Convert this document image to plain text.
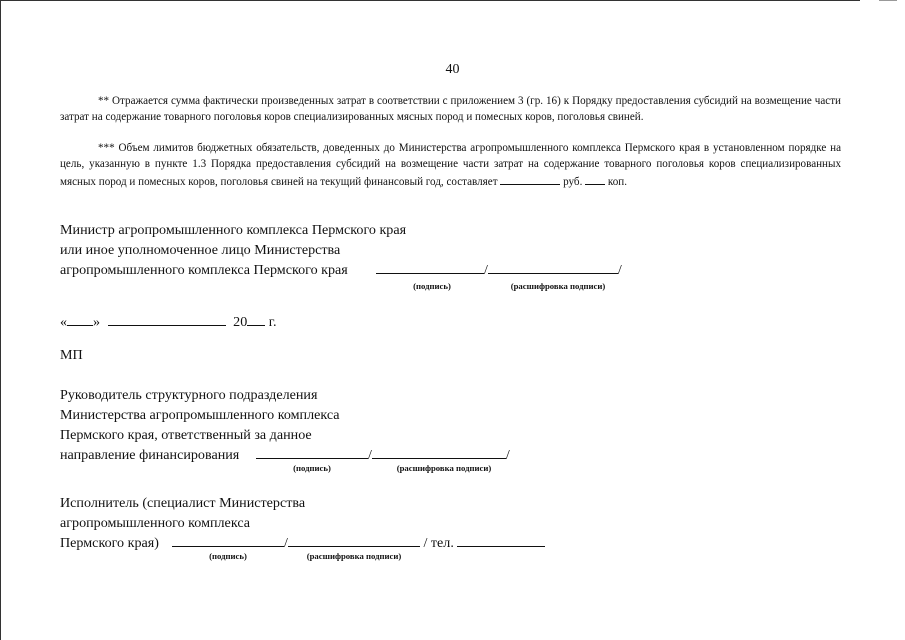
40

** Отражается сумма фактически произведенных затрат в соответствии с приложением 3 (гр. 16) к Порядку предоставления субсидий на возмещение части затрат на содержание товарного поголовья коров специализированных мясных пород и помесных коров, поголовья свиней.

*** Объем лимитов бюджетных обязательств, доведенных до Министерства агропромышленного комплекса Пермского края в установленном порядке на цель, указанную в пункте 1.3 Порядка предоставления субсидий на возмещение части затрат на содержание товарного поголовья коров специализированных мясных пород и помесных коров, поголовья свиней на текущий финансовый год, составляет	руб. коп.

Министр агропромышленного комплекса Пермского края
или иное уполномоченное лицо Министерства
агропромышленного комплекса Пермского края	/	/
(подпись)	(расшифровка подписи)
« »	20 г.
МП
Руководитель структурного подразделения
Министерства агропромышленного комплекса
Пермского края, ответственный за данное
направление финансирования	/	/
(подпись)	(расшифровка подписи)
Исполнитель (специалист Министерства
агропромышленного комплекса
Пермского края)	/	/ тел.
(подпись)	(расшифровка подписи)
